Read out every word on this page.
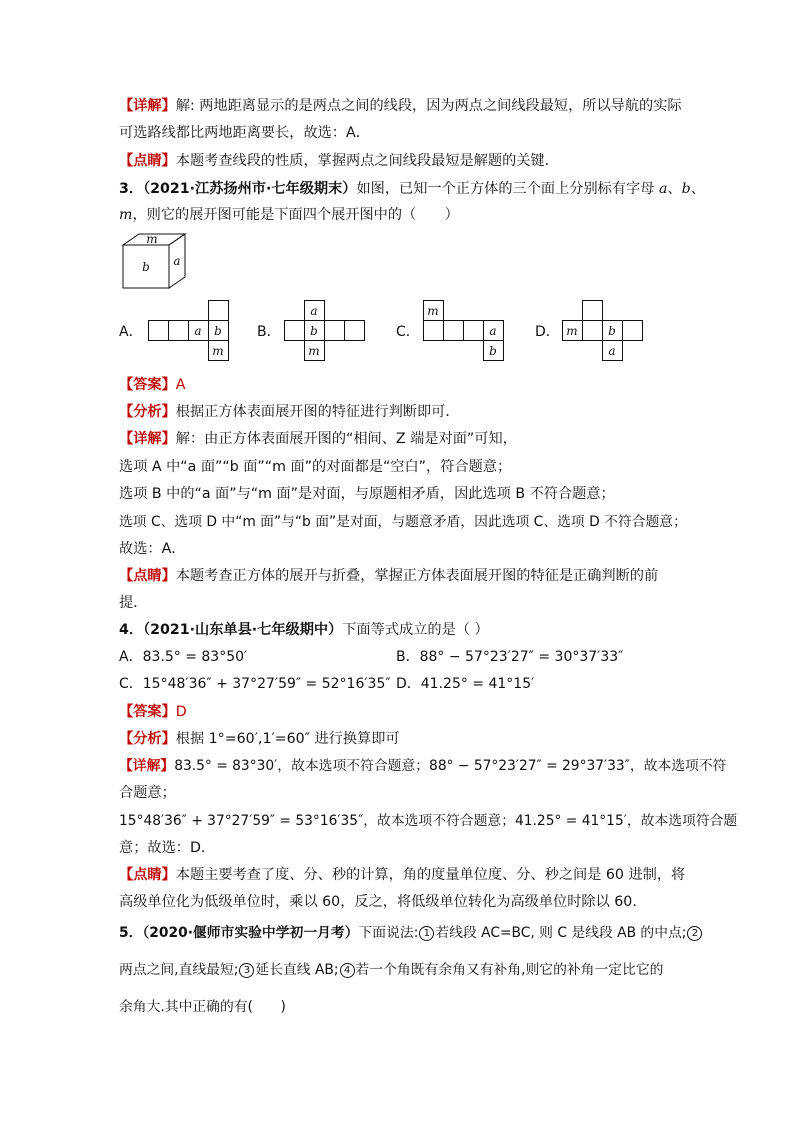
【详解】解: 两地距离显示的是两点之间的线段，因为两点之间线段最短，所以导航的实际
可选路线都比两地距离要长，故选：A．
【点睛】本题考查线段的性质，掌握两点之间线段最短是解题的关键．
3．（2021·江苏扬州市·七年级期末）如图，已知一个正方体的三个面上分别标有字母 a、b、
m，则它的展开图可能是下面四个展开图中的（　　）
m
b a
A．	a b
m
B．
a
b
m
C．
m
a
b
D． m	b
a
【答案】A
【分析】根据正方体表面展开图的特征进行判断即可．
【详解】解：由正方体表面展开图的“相间、Z 端是对面”可知，
选项 A 中“a 面”“b 面”“m 面”的对面都是“空白”，符合题意；
选项 B 中的“a 面”与“m 面”是对面，与原题相矛盾，因此选项 B 不符合题意；
选项 C、选项 D 中“m 面”与“b 面”是对面，与题意矛盾，因此选项 C、选项 D 不符合题意；
故选：A．
【点睛】本题考查正方体的展开与折叠，掌握正方体表面展开图的特征是正确判断的前
提．
4．（2021·山东单县·七年级期中）下面等式成立的是（ ）
A．83.5° = 83°50′	B．88° − 57°23′27″ = 30°37′33″
C．15°48′36″ + 37°27′59″ = 52°16′35″ D．41.25° = 41°15′
【答案】D
【分析】根据 1°=60′,1′=60″ 进行换算即可
【详解】83.5° = 83°30′，故本选项不符合题意；88° − 57°23′27″ = 29°37′33″，故本选项不符
合题意；
15°48′36″ + 37°27′59″ = 53°16′35″，故本选项不符合题意；41.25° = 41°15′，故本选项符合题
意；故选：D．
【点睛】本题主要考查了度、分、秒的计算，角的度量单位度、分、秒之间是 60 进制，将
高级单位化为低级单位时，乘以 60，反之，将低级单位转化为高级单位时除以 60．
5．（2020·偃师市实验中学初一月考）下面说法: 1 若线段 AC=BC, 则 C 是线段 AB 的中点; 2
两点之间,直线最短; 3 延长直线 AB; 4 若一个角既有余角又有补角,则它的补角一定比它的
余角大.其中正确的有(　　)
